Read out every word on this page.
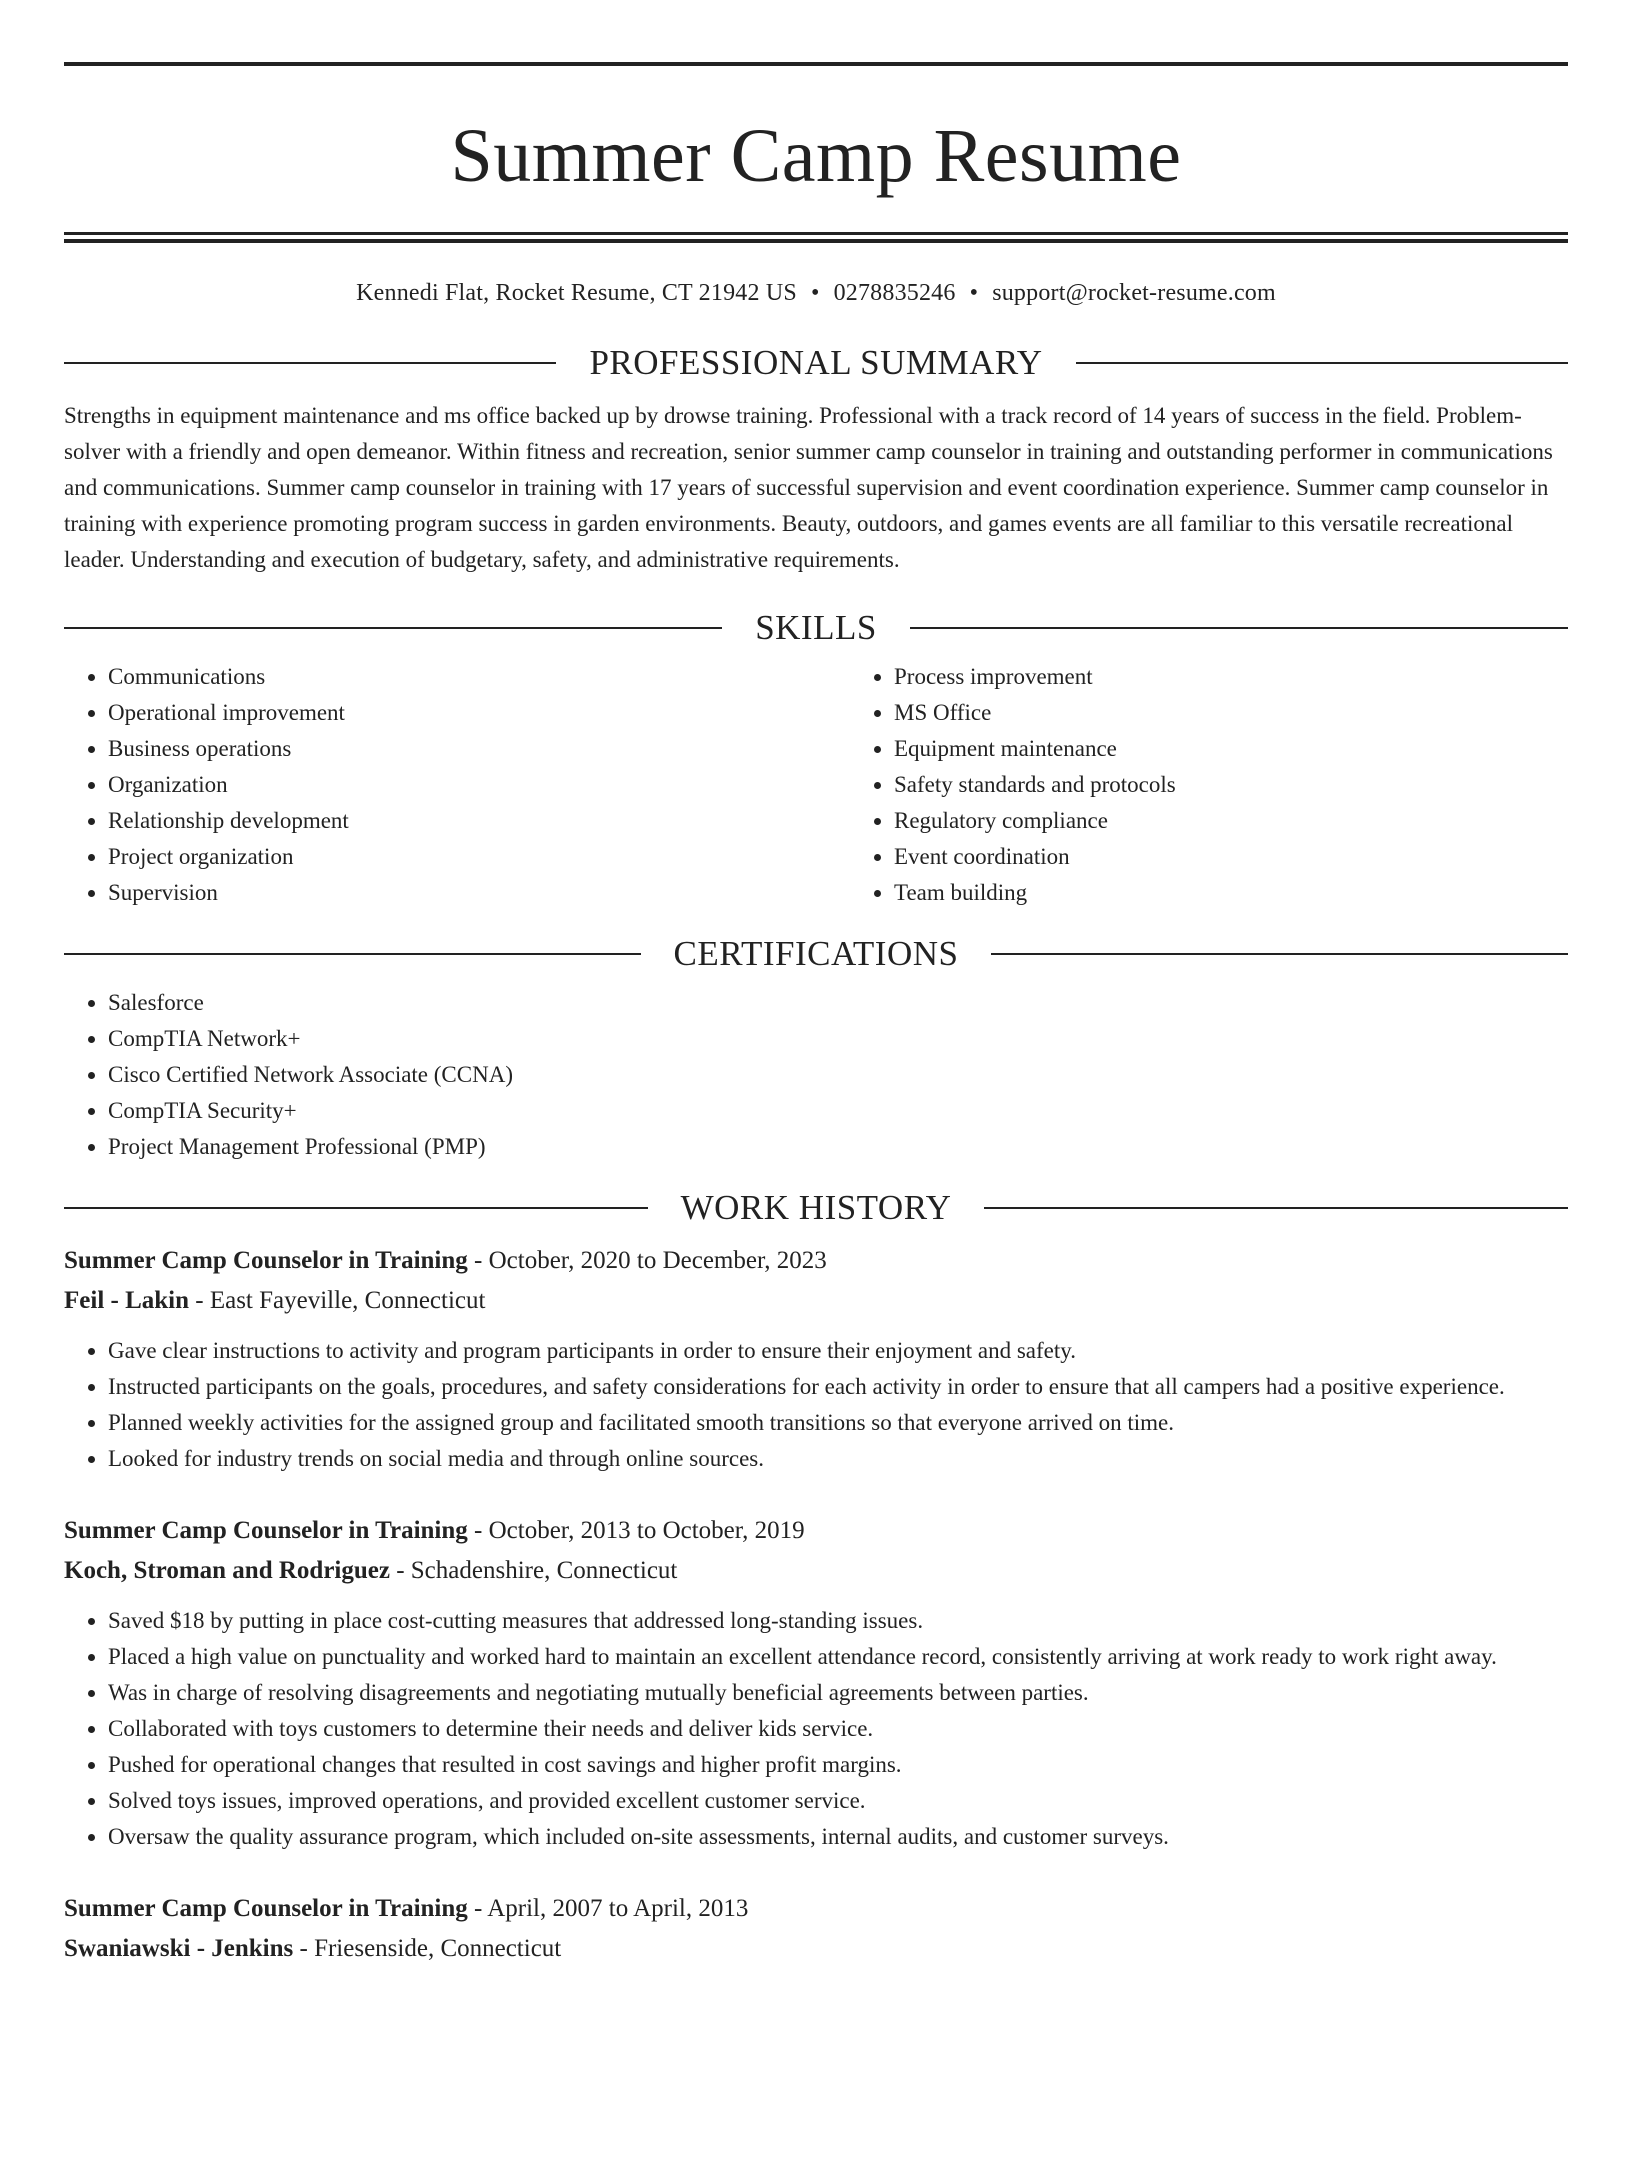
Summer Camp Resume
Kennedi Flat, Rocket Resume, CT 21942 US • 0278835246 • support@rocket-resume.com
PROFESSIONAL SUMMARY

Strengths in equipment maintenance and ms office backed up by drowse training. Professional with a track record of 14 years of success in the field. Problem-solver with a friendly and open demeanor. Within fitness and recreation, senior summer camp counselor in training and outstanding performer in communications and communications. Summer camp counselor in training with 17 years of successful supervision and event coordination experience. Summer camp counselor in training with experience promoting program success in garden environments. Beauty, outdoors, and games events are all familiar to this versatile recreational leader. Understanding and execution of budgetary, safety, and administrative requirements.

SKILLS
• Communications
• Operational improvement
• Business operations
• Organization
• Relationship development
• Project organization
• Supervision
• Process improvement
• MS Office
• Equipment maintenance
• Safety standards and protocols
• Regulatory compliance
• Event coordination
• Team building
CERTIFICATIONS
• Salesforce
• CompTIA Network+
• Cisco Certified Network Associate (CCNA)
• CompTIA Security+
• Project Management Professional (PMP)
WORK HISTORY
Summer Camp Counselor in Training - October, 2020 to December, 2023
Feil - Lakin - East Fayeville, Connecticut
• Gave clear instructions to activity and program participants in order to ensure their enjoyment and safety.
• Instructed participants on the goals, procedures, and safety considerations for each activity in order to ensure that all campers had a positive experience.
• Planned weekly activities for the assigned group and facilitated smooth transitions so that everyone arrived on time.
• Looked for industry trends on social media and through online sources.
Summer Camp Counselor in Training - October, 2013 to October, 2019
Koch, Stroman and Rodriguez - Schadenshire, Connecticut
• Saved $18 by putting in place cost-cutting measures that addressed long-standing issues.
• Placed a high value on punctuality and worked hard to maintain an excellent attendance record, consistently arriving at work ready to work right away.
• Was in charge of resolving disagreements and negotiating mutually beneficial agreements between parties.
• Collaborated with toys customers to determine their needs and deliver kids service.
• Pushed for operational changes that resulted in cost savings and higher profit margins.
• Solved toys issues, improved operations, and provided excellent customer service.
• Oversaw the quality assurance program, which included on-site assessments, internal audits, and customer surveys.
Summer Camp Counselor in Training - April, 2007 to April, 2013
Swaniawski - Jenkins - Friesenside, Connecticut
